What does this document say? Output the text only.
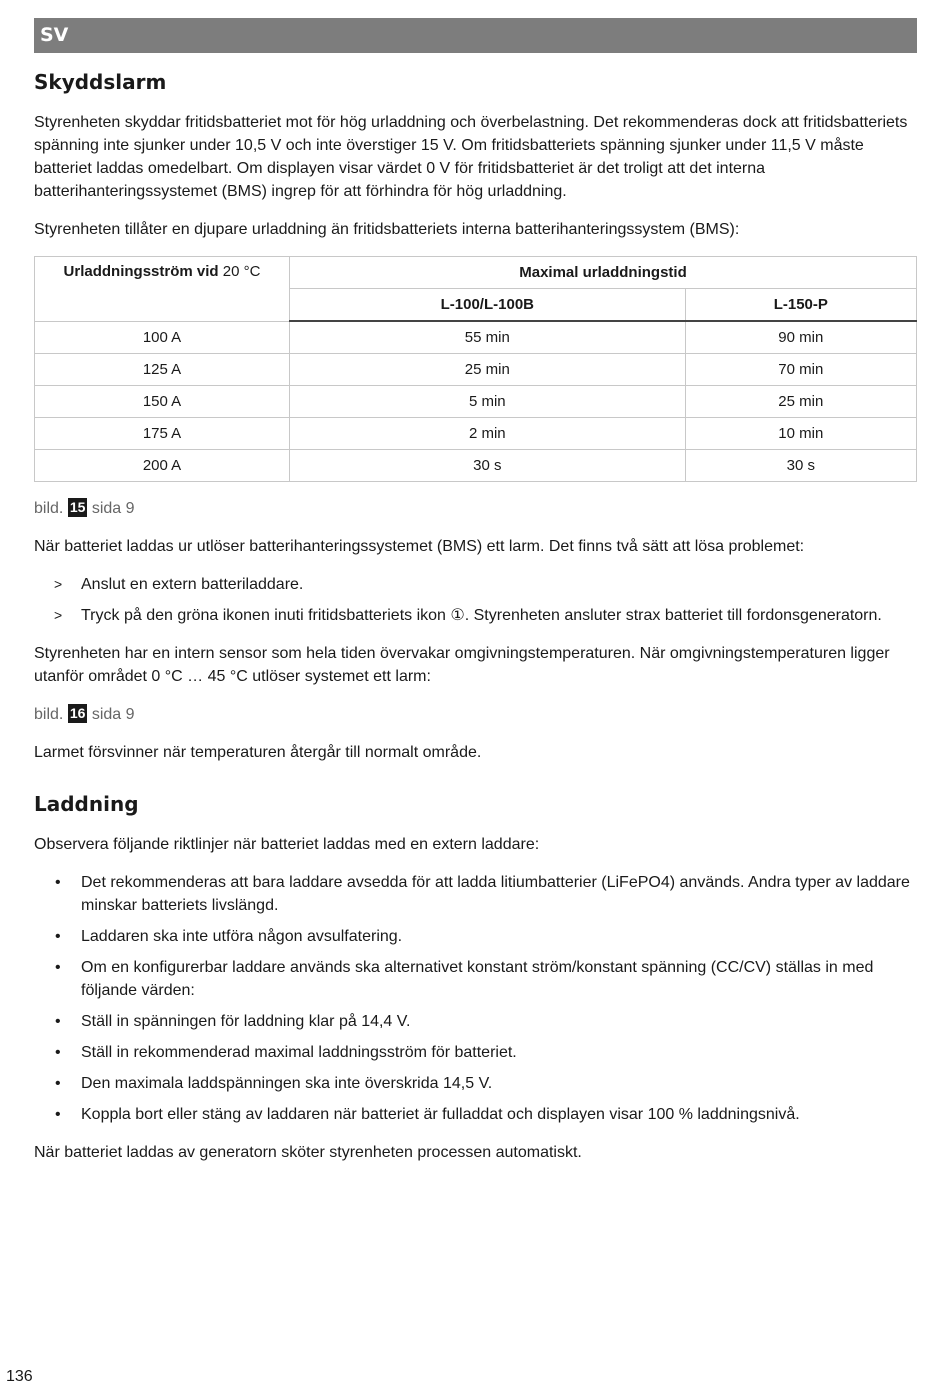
SV
Skyddslarm

Styrenheten skyddar fritidsbatteriet mot för hög urladdning och överbelastning. Det rekommenderas dock att fritidsbatteriets spänning inte sjunker under 10,5 V och inte överstiger 15 V. Om fritidsbatteriets spänning sjunker under 11,5 V måste batteriet laddas omedelbart. Om displayen visar värdet 0 V för fritidsbatteriet är det troligt att det interna batterihanteringssystemet (BMS) ingrep för att förhindra för hög urladdning.

Styrenheten tillåter en djupare urladdning än fritidsbatteriets interna batterihanteringssystem (BMS):

Urladdningsström vid 20 °C	Maximal urladdningstid	
	L-100/L-100B	L-150-P
100 A	55 min	90 min
125 A	25 min	70 min
150 A	5 min	25 min
175 A	2 min	10 min
200 A	30 s	30 s
bild. 15 sida 9

När batteriet laddas ur utlöser batterihanteringssystemet (BMS) ett larm. Det finns två sätt att lösa problemet:

> Anslut en extern batteriladdare.
> Tryck på den gröna ikonen inuti fritidsbatteriets ikon ①. Styrenheten ansluter strax batteriet till fordonsgeneratorn.

Styrenheten har en intern sensor som hela tiden övervakar omgivningstemperaturen. När omgivningstemperaturen ligger utanför området 0 °C … 45 °C utlöser systemet ett larm:

bild. 16 sida 9

Larmet försvinner när temperaturen återgår till normalt område.

Laddning

Observera följande riktlinjer när batteriet laddas med en extern laddare:

• Det rekommenderas att bara laddare avsedda för att ladda litiumbatterier (LiFePO4) används. Andra typer av laddare minskar batteriets livslängd.
• Laddaren ska inte utföra någon avsulfatering.
• Om en konfigurerbar laddare används ska alternativet konstant ström/konstant spänning (CC/CV) ställas in med följande värden:
• Ställ in spänningen för laddning klar på 14,4 V.
• Ställ in rekommenderad maximal laddningsström för batteriet.
• Den maximala laddspänningen ska inte överskrida 14,5 V.
• Koppla bort eller stäng av laddaren när batteriet är fulladdat och displayen visar 100 % laddningsnivå.

När batteriet laddas av generatorn sköter styrenheten processen automatiskt.

136
